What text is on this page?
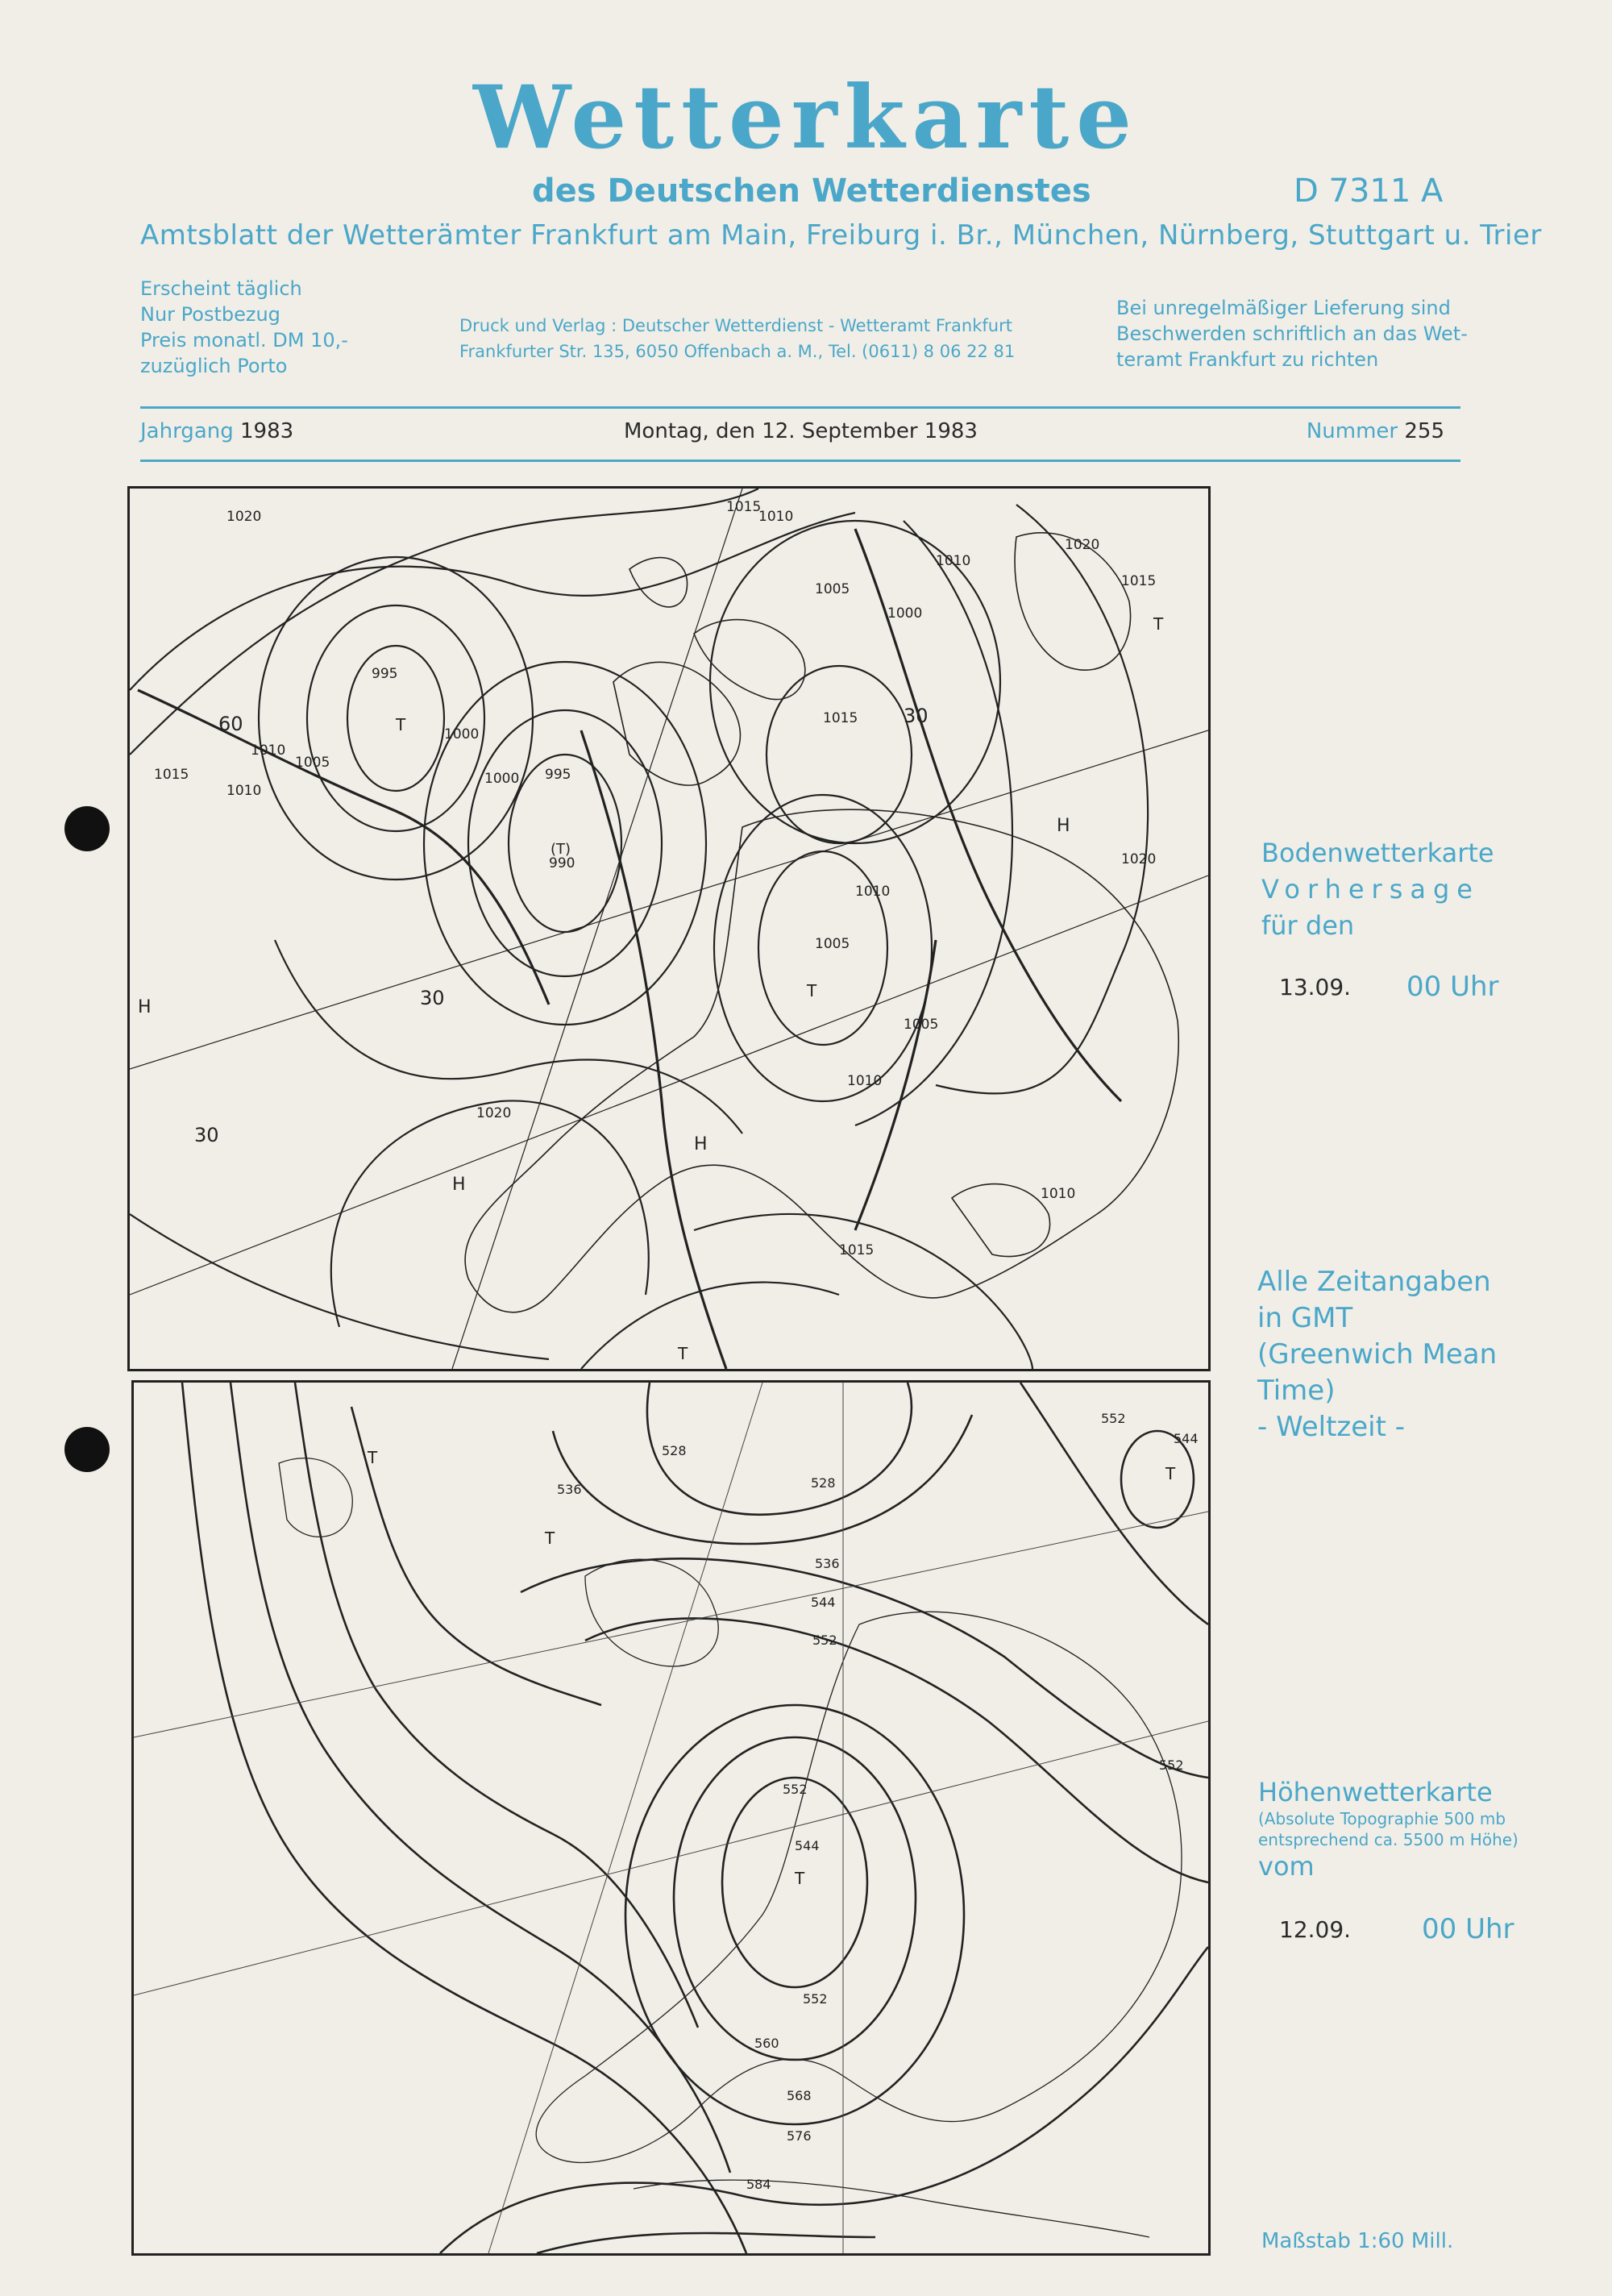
Wetterkarte
des Deutschen Wetterdienstes	D 7311 A
Amtsblatt der Wetterämter Frankfurt am Main, Freiburg i. Br., München, Nürnberg, Stuttgart u. Trier
Erscheint täglich
Nur Postbezug
Preis monatl. DM 10,-
zuzüglich Porto
Druck und Verlag : Deutscher Wetterdienst - Wetteramt Frankfurt
Frankfurter Str. 135, 6050 Offenbach a. M., Tel. (0611) 8 06 22 81
Bei unregelmäßiger Lieferung sind
Beschwerden schriftlich an das Wet-
teramt Frankfurt zu richten
Jahrgang 1983	Montag, den 12. September 1983	Nummer 255
1020
1015
1010
1010
1005
1000
995
1010
1005
1015
1000
995
990
1000
1015
1010
1005
1005
1010
1020
1020
1010
1015
1010
1020
1015
60
30
30
30
H
H
H
H
T
T
T
(T)
T
528
528
536
536
544
552
552
544
552
560
568
576
584
552
544
552
T
T
T
T
Bodenwetterkarte
Vorhersage
für den
13.09. 00 Uhr
Alle Zeitangaben
in GMT
(Greenwich Mean
Time)
- Weltzeit -
Höhenwetterkarte
(Absolute Topographie 500 mb
entsprechend ca. 5500 m Höhe)
vom
12.09.	00 Uhr
Maßstab 1:60 Mill.
